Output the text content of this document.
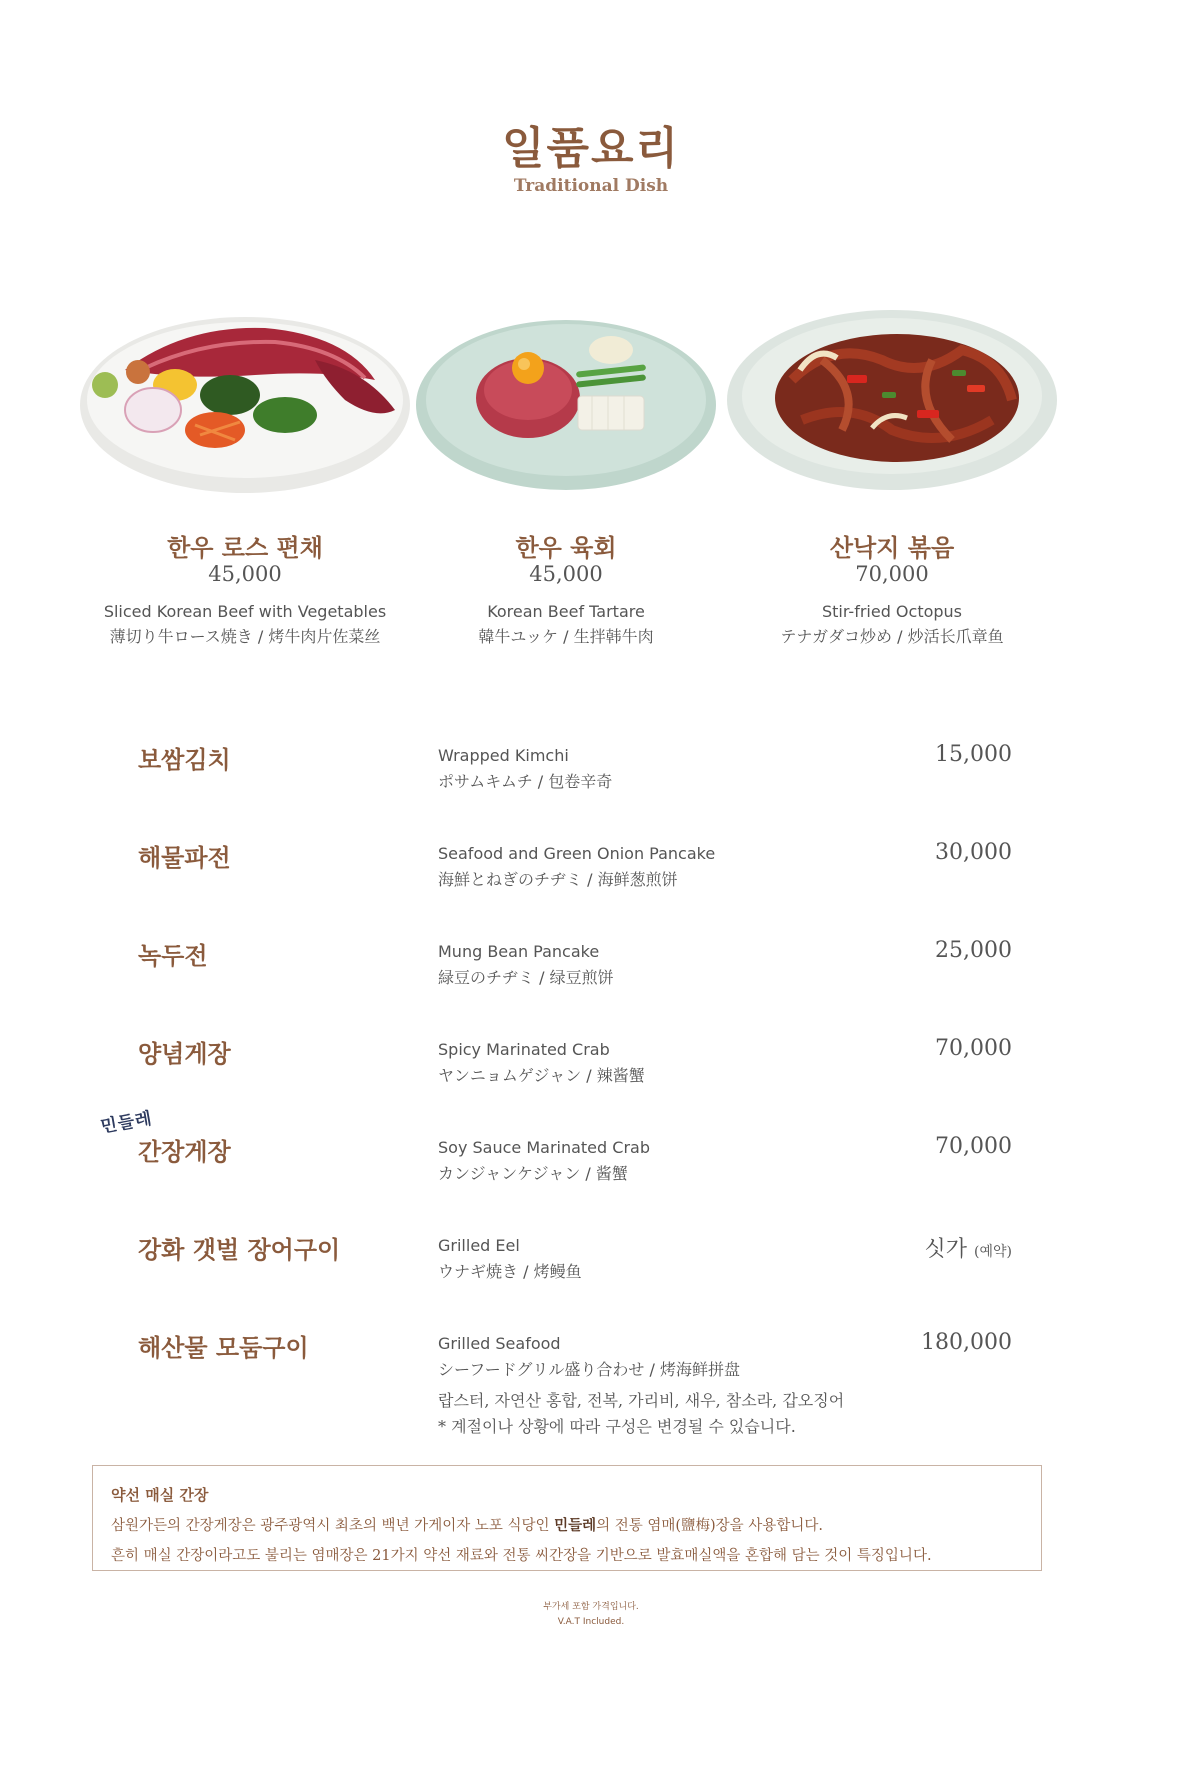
일품요리
Traditional Dish
한우 로스 편채
45,000
Sliced Korean Beef with Vegetables
薄切り牛ロース焼き / 烤牛肉片佐菜丝
한우 육회
45,000
Korean Beef Tartare
韓牛ユッケ / 生拌韩牛肉
산낙지 볶음
70,000
Stir-fried Octopus
テナガダコ炒め / 炒活长爪章鱼
보쌈김치	Wrapped Kimchi
ポサムキムチ / 包卷辛奇
15,000
해물파전	Seafood and Green Onion Pancake
海鮮とねぎのチヂミ / 海鲜葱煎饼
30,000
녹두전	Mung Bean Pancake
緑豆のチヂミ / 绿豆煎饼
25,000
양념게장	Spicy Marinated Crab
ヤンニョムゲジャン / 辣酱蟹
70,000
민들레
간장게장	Soy Sauce Marinated Crab
カンジャンケジャン / 酱蟹
70,000
강화 갯벌 장어구이	Grilled Eel
ウナギ焼き / 烤鳗鱼
싯가 (예약)
해산물 모둠구이	Grilled Seafood
シーフードグリル盛り合わせ / 烤海鲜拼盘
180,000
랍스터, 자연산 홍합, 전복, 가리비, 새우, 참소라, 갑오징어
* 계절이나 상황에 따라 구성은 변경될 수 있습니다.
약선 매실 간장
삼원가든의 간장게장은 광주광역시 최초의 백년 가게이자 노포 식당인 민들레의 전통 염매(鹽梅)장을 사용합니다.
흔히 매실 간장이라고도 불리는 염매장은 21가지 약선 재료와 전통 씨간장을 기반으로 발효매실액을 혼합해 담는 것이 특징입니다.
부가세 포함 가격입니다.
V.A.T Included.
